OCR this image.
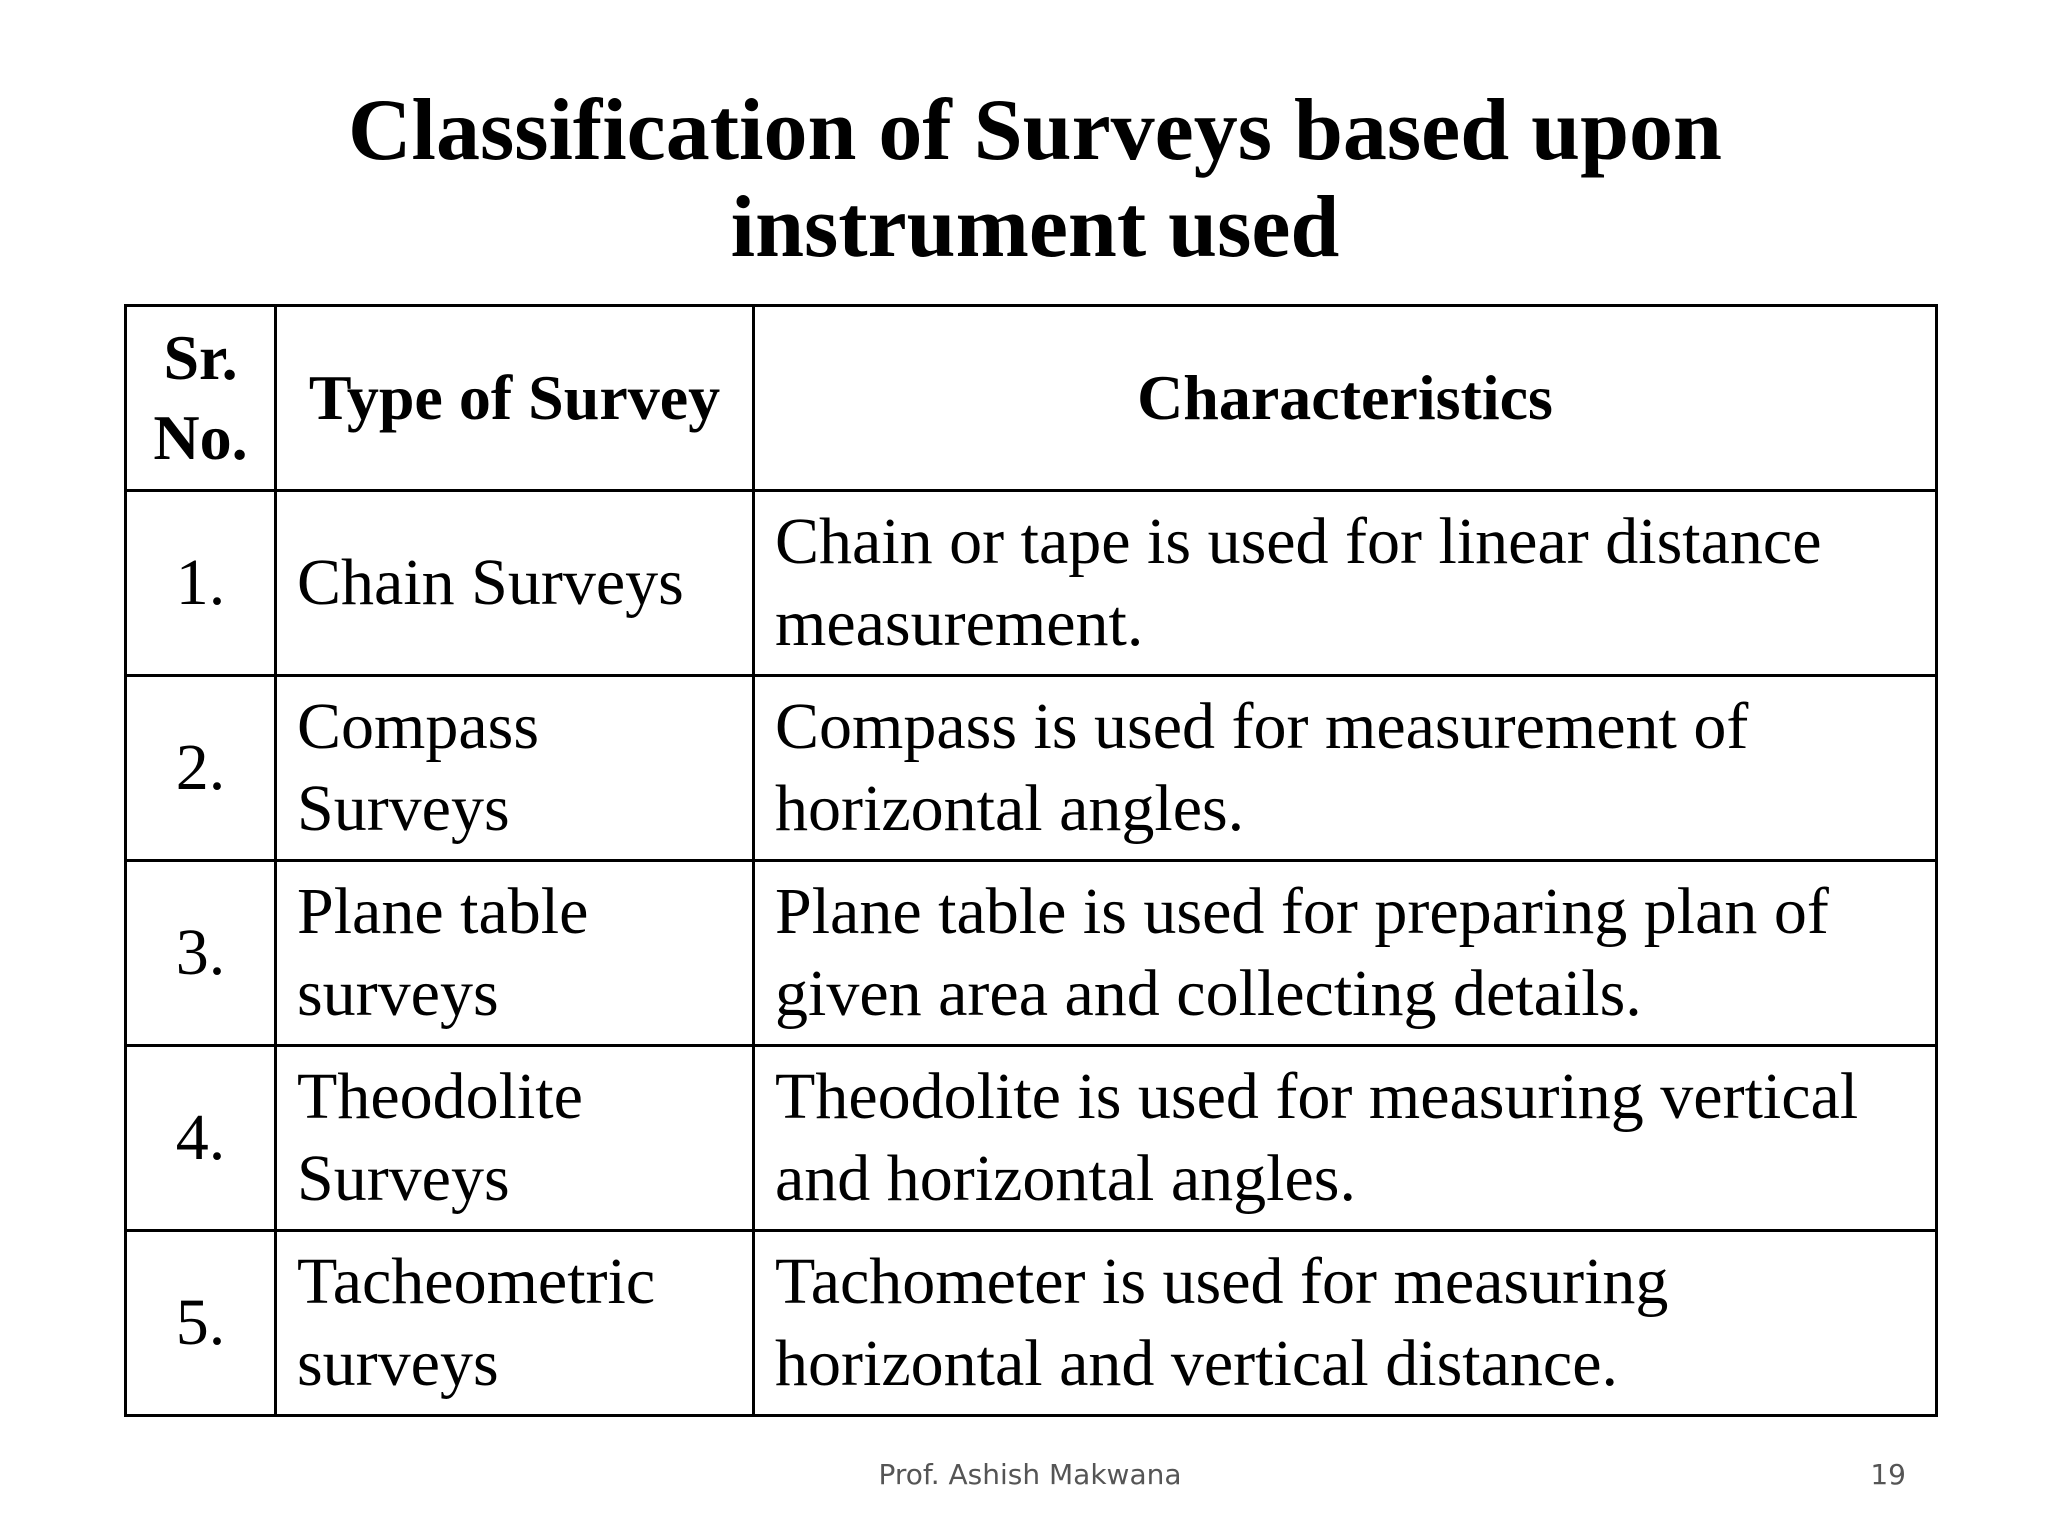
Classification of Surveys based upon
instrument used
Sr. No.	Type of Survey	Characteristics
1.	Chain Surveys	Chain or tape is used for linear distance measurement.
2.	Compass Surveys	Compass is used for measurement of horizontal angles.
3.	Plane table surveys	Plane table is used for preparing plan of given area and collecting details.
4.	Theodolite Surveys	Theodolite is used for measuring vertical and horizontal angles.
5.	Tacheometric surveys	Tachometer is used for measuring horizontal and vertical distance.
Prof. Ashish Makwana	19
